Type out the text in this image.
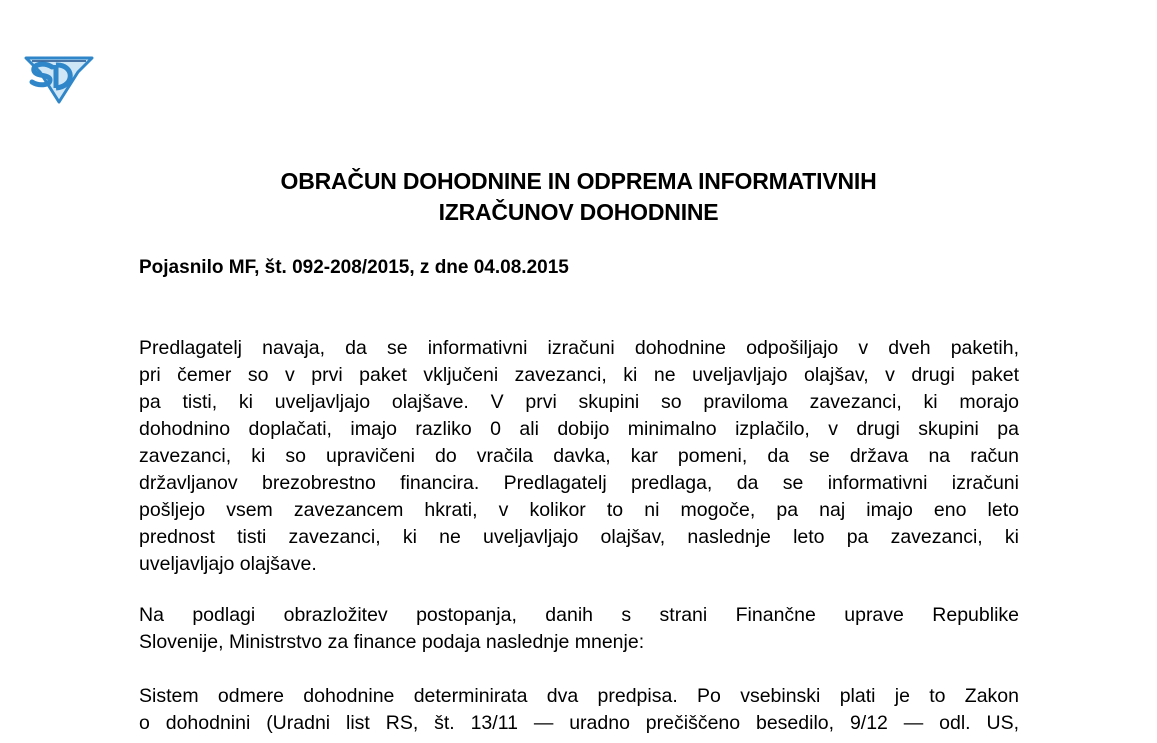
OBRAČUN DOHODNINE IN ODPREMA INFORMATIVNIH
IZRAČUNOV DOHODNINE
Pojasnilo MF, št. 092-208/2015, z dne 04.08.2015
Predlagatelj navaja, da se informativni izračuni dohodnine odpošiljajo v dveh paketih,
pri čemer so v prvi paket vključeni zavezanci, ki ne uveljavljajo olajšav, v drugi paket
pa tisti, ki uveljavljajo olajšave. V prvi skupini so praviloma zavezanci, ki morajo
dohodnino doplačati, imajo razliko 0 ali dobijo minimalno izplačilo, v drugi skupini pa
zavezanci, ki so upravičeni do vračila davka, kar pomeni, da se država na račun
državljanov brezobrestno financira. Predlagatelj predlaga, da se informativni izračuni
pošljejo vsem zavezancem hkrati, v kolikor to ni mogoče, pa naj imajo eno leto
prednost tisti zavezanci, ki ne uveljavljajo olajšav, naslednje leto pa zavezanci, ki
uveljavljajo olajšave.
Na podlagi obrazložitev postopanja, danih s strani Finančne uprave Republike
Slovenije, Ministrstvo za finance podaja naslednje mnenje:
Sistem odmere dohodnine determinirata dva predpisa. Po vsebinski plati je to Zakon
o dohodnini (Uradni list RS, št. 13/11 — uradno prečiščeno besedilo, 9/12 — odl. US,
